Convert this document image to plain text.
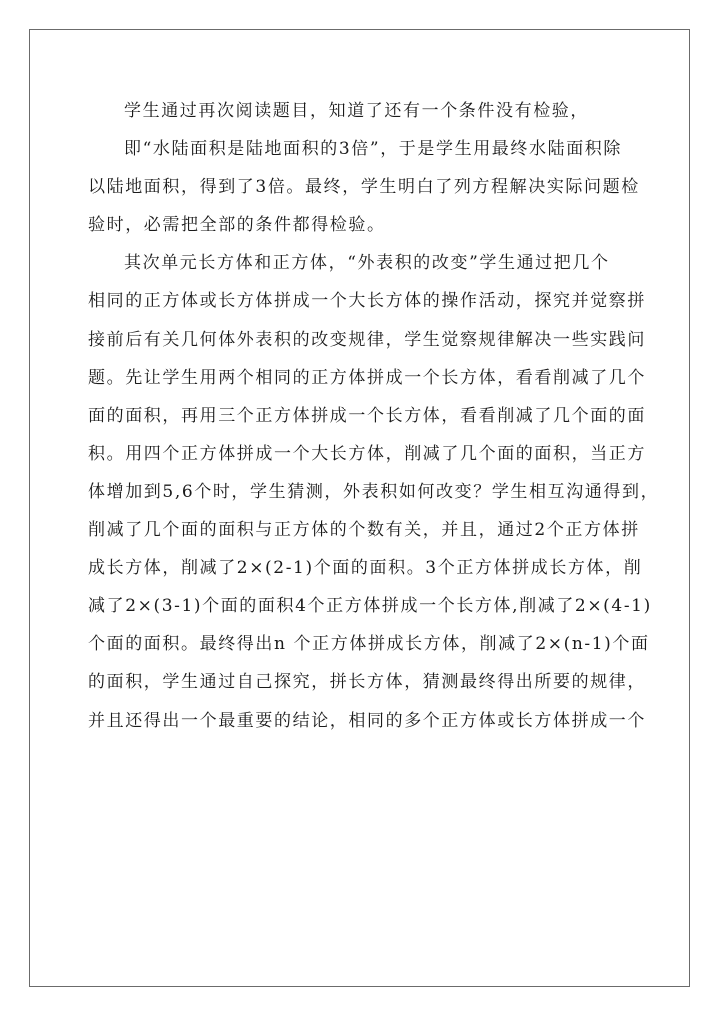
学生通过再次阅读题目，知道了还有一个条件没有检验，
即“水陆面积是陆地面积的3倍”，于是学生用最终水陆面积除
以陆地面积，得到了3倍。最终，学生明白了列方程解决实际问题检
验时，必需把全部的条件都得检验。
其次单元长方体和正方体，“外表积的改变”学生通过把几个
相同的正方体或长方体拼成一个大长方体的操作活动，探究并觉察拼
接前后有关几何体外表积的改变规律，学生觉察规律解决一些实践问
题。先让学生用两个相同的正方体拼成一个长方体，看看削减了几个
面的面积，再用三个正方体拼成一个长方体，看看削减了几个面的面
积。用四个正方体拼成一个大长方体，削减了几个面的面积，当正方
体增加到5,6个时，学生猜测，外表积如何改变？学生相互沟通得到，
削减了几个面的面积与正方体的个数有关，并且，通过2个正方体拼
成长方体，削减了2×(2-1)个面的面积。3个正方体拼成长方体，削
减了2×(3-1)个面的面积4个正方体拼成一个长方体,削减了2×(4-1)
个面的面积。最终得出n 个正方体拼成长方体，削减了2×(n-1)个面
的面积，学生通过自己探究，拼长方体，猜测最终得出所要的规律，
并且还得出一个最重要的结论，相同的多个正方体或长方体拼成一个
